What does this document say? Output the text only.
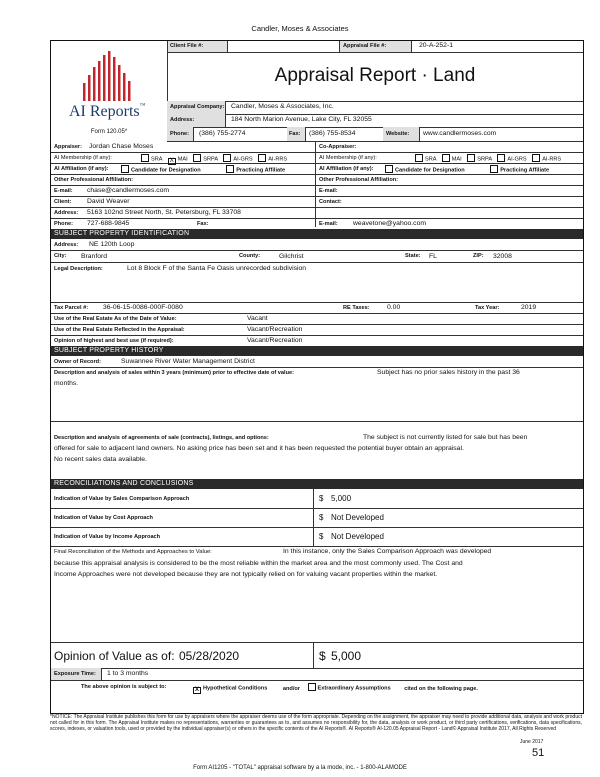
Candler, Moses & Associates
Client File #:	Appraisal File #:	20-A-252-1
AI Reports™
Form 120.05*
Appraisal Report · Land
Appraisal Company: Candler, Moses & Associates, Inc.
Address:	184 North Marion Avenue, Lake City, FL 32055
Phone: (386) 755-2774	Fax: (386) 755-8534	Website: www.candlermoses.com
Appraiser: Jordan Chase Moses	Co-Appraiser:
AI Membership (if any):	SRA X MAI	SRPA	AI-GRS	AI-RRS	AI Membership (if any):	SRA	MAI	SRPA	AI-GRS	AI-RRS
AI Affiliation (if any):	Candidate for Designation	Practicing Affiliate	AI Affiliation (if any):	Candidate for Designation	Practicing Affiliate
Other Professional Affiliation:	Other Professional Affiliation:
E-mail: chase@candlermoses.com	E-mail:
Client: David Weaver	Contact:
Address: 5163 102nd Street North, St. Petersburg, FL 33708
Phone: 727-688-9845	Fax:	E-mail: weavetone@yahoo.com
SUBJECT PROPERTY IDENTIFICATION
Address: NE 120th Loop
City: Branford	County:	Gilchrist	State: FL	ZIP: 32008
Legal Description:	Lot 8 Block F of the Santa Fe Oasis unrecorded subdivision
Tax Parcel #: 36-06-15-0086-000F-0080	RE Taxes:	0.00	Tax Year:	2019
Use of the Real Estate As of the Date of Value:	Vacant
Use of the Real Estate Reflected in the Appraisal:	Vacant/Recreation
Opinion of highest and best use (if required):	Vacant/Recreation
SUBJECT PROPERTY HISTORY
Owner of Record:	Suwannee River Water Management District
Description and analysis of sales within 3 years (minimum) prior to effective date of value:	Subject has no prior sales history in the past 36
months.
Description and analysis of agreements of sale (contracts), listings, and options:	The subject is not currently listed for sale but has been
offered for sale to adjacent land owners. No asking price has been set and it has been requested the potential buyer obtain an appraisal.
No recent sales data available.
RECONCILIATIONS AND CONCLUSIONS
Indication of Value by Sales Comparison Approach	$ 5,000
Indication of Value by Cost Approach	$ Not Developed
Indication of Value by Income Approach	$ Not Developed
Final Reconciliation of the Methods and Approaches to Value:	In this instance, only the Sales Comparison Approach was developed
because this appraisal analysis is considered to be the most reliable within the market area and the most commonly used. The Cost and
Income Approaches were not developed because they are not typically relied on for valuing vacant properties within the market.
Opinion of Value as of: 05/28/2020	$ 5,000
Exposure Time: 1 to 3 months
The above opinion is subject to:	X Hypothetical Conditions	and/or	Extraordinary Assumptions cited on the following page.
*NOTICE: The Appraisal Institute publishes this form for use by appraisers where the appraiser deems use of the form appropriate. Depending on the assignment, the appraiser may need to provide additional data, analysis and work product not called for in this form. The Appraisal Institute makes no representations, warranties or guarantees as to, and assumes no responsibility for, the data, analysis or work product, or third party certifications, verifications, data specifications, scores, indexes, or valuation tools, used or provided by the individual appraiser(s) or others in the specific contents of the AI Reports®. AI Reports® AI-120.05 Appraisal Report - Land© Appraisal Institute 2017, All Rights Reserved
June 2017
51
Form AI1205 - "TOTAL" appraisal software by a la mode, inc. - 1-800-ALAMODE
